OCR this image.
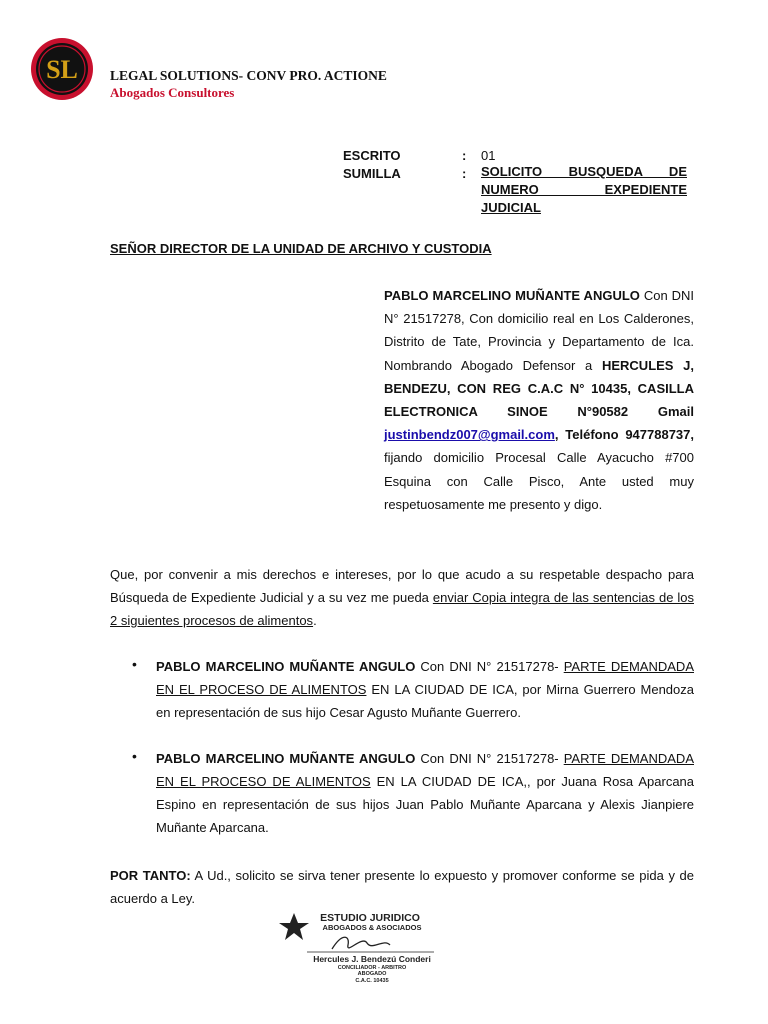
SL LEGAL SOLUTIONS- CONV PRO. ACTIONE
Abogados Consultores
ESCRITO	: 01
SUMILLA	: SOLICITO BUSQUEDA DE NUMERO EXPEDIENTE JUDICIAL
SEÑOR DIRECTOR DE LA UNIDAD DE ARCHIVO Y CUSTODIA
PABLO MARCELINO MUÑANTE ANGULO Con DNI N° 21517278, Con domicilio real en Los Calderones, Distrito de Tate, Provincia y Departamento de Ica. Nombrando Abogado Defensor a HERCULES J, BENDEZU, CON REG C.A.C N° 10435, CASILLA ELECTRONICA SINOE N°90582 Gmail justinbendz007@gmail.com, Teléfono 947788737, fijando domicilio Procesal Calle Ayacucho #700 Esquina con Calle Pisco, Ante usted muy respetuosamente me presento y digo.
Que, por convenir a mis derechos e intereses, por lo que acudo a su respetable despacho para Búsqueda de Expediente Judicial y a su vez me pueda enviar Copia integra de las sentencias de los 2 siguientes procesos de alimentos.
• PABLO MARCELINO MUÑANTE ANGULO Con DNI N° 21517278- PARTE DEMANDADA EN EL PROCESO DE ALIMENTOS EN LA CIUDAD DE ICA, por Mirna Guerrero Mendoza en representación de sus hijo Cesar Agusto Muñante Guerrero.
• PABLO MARCELINO MUÑANTE ANGULO Con DNI N° 21517278- PARTE DEMANDADA EN EL PROCESO DE ALIMENTOS EN LA CIUDAD DE ICA,, por Juana Rosa Aparcana Espino en representación de sus hijos Juan Pablo Muñante Aparcana y Alexis Jianpiere Muñante Aparcana.
POR TANTO: A Ud., solicito se sirva tener presente lo expuesto y promover conforme se pida y de acuerdo a Ley.
ESTUDIO JURIDICO
ABOGADOS & ASOCIADOS
Hercules J. Bendezú Conderi
CONCILIADOR - ARBITRO
ABOGADO
C.A.C. 10435
